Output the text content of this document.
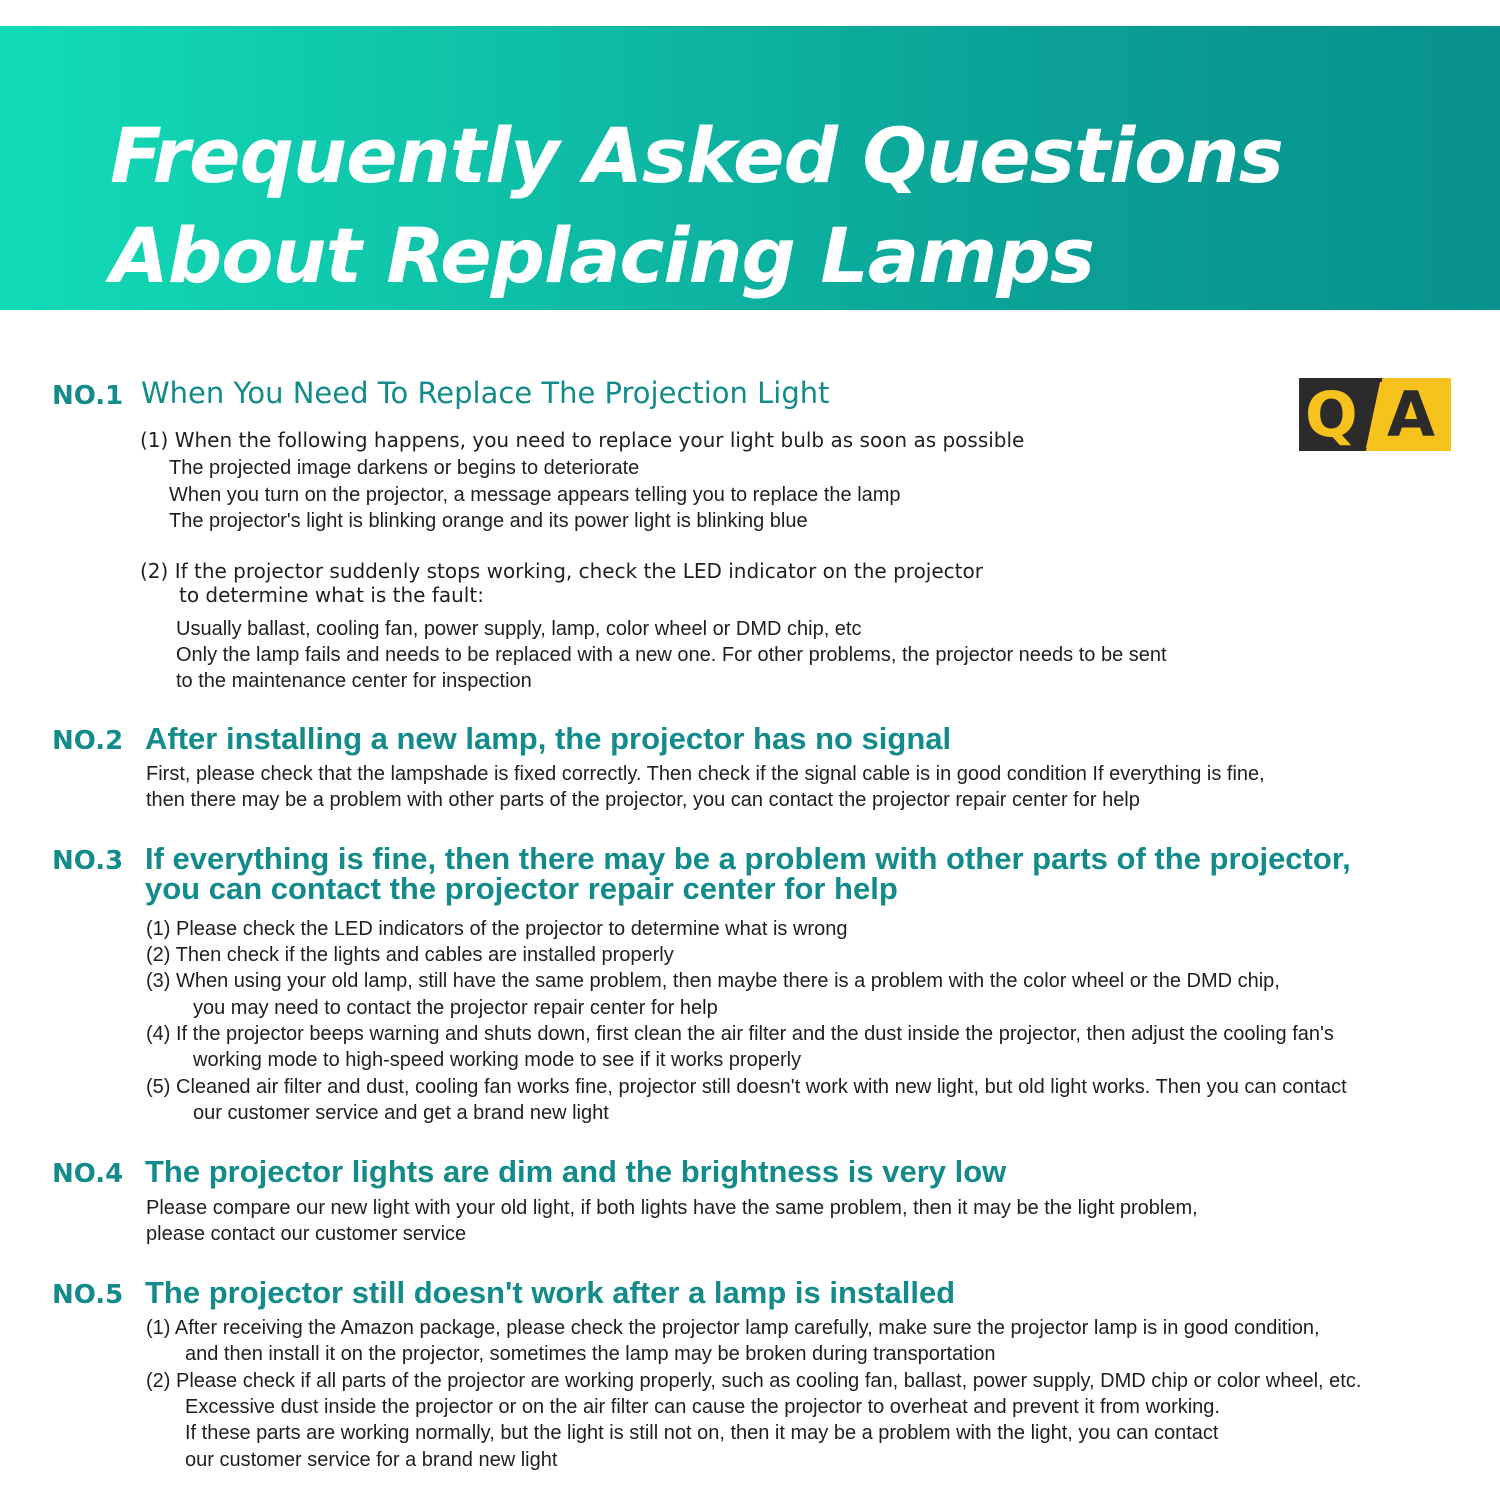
Frequently Asked Questions
About Replacing Lamps
Q A
NO.1 When You Need To Replace The Projection Light
(1) When the following happens, you need to replace your light bulb as soon as possible
The projected image darkens or begins to deteriorate
When you turn on the projector, a message appears telling you to replace the lamp
The projector's light is blinking orange and its power light is blinking blue
(2) If the projector suddenly stops working, check the LED indicator on the projector
to determine what is the fault:
Usually ballast, cooling fan, power supply, lamp, color wheel or DMD chip, etc
Only the lamp fails and needs to be replaced with a new one. For other problems, the projector needs to be sent
to the maintenance center for inspection
NO.2 After installing a new lamp, the projector has no signal
First, please check that the lampshade is fixed correctly. Then check if the signal cable is in good condition If everything is fine,
then there may be a problem with other parts of the projector, you can contact the projector repair center for help
NO.3 If everything is fine, then there may be a problem with other parts of the projector,
you can contact the projector repair center for help
(1) Please check the LED indicators of the projector to determine what is wrong
(2) Then check if the lights and cables are installed properly
(3) When using your old lamp, still have the same problem, then maybe there is a problem with the color wheel or the DMD chip,
you may need to contact the projector repair center for help
(4) If the projector beeps warning and shuts down, first clean the air filter and the dust inside the projector, then adjust the cooling fan's
working mode to high-speed working mode to see if it works properly
(5) Cleaned air filter and dust, cooling fan works fine, projector still doesn't work with new light, but old light works. Then you can contact
our customer service and get a brand new light
NO.4 The projector lights are dim and the brightness is very low
Please compare our new light with your old light, if both lights have the same problem, then it may be the light problem,
please contact our customer service
NO.5 The projector still doesn't work after a lamp is installed
(1) After receiving the Amazon package, please check the projector lamp carefully, make sure the projector lamp is in good condition,
and then install it on the projector, sometimes the lamp may be broken during transportation
(2) Please check if all parts of the projector are working properly, such as cooling fan, ballast, power supply, DMD chip or color wheel, etc.
Excessive dust inside the projector or on the air filter can cause the projector to overheat and prevent it from working.
If these parts are working normally, but the light is still not on, then it may be a problem with the light, you can contact
our customer service for a brand new light
